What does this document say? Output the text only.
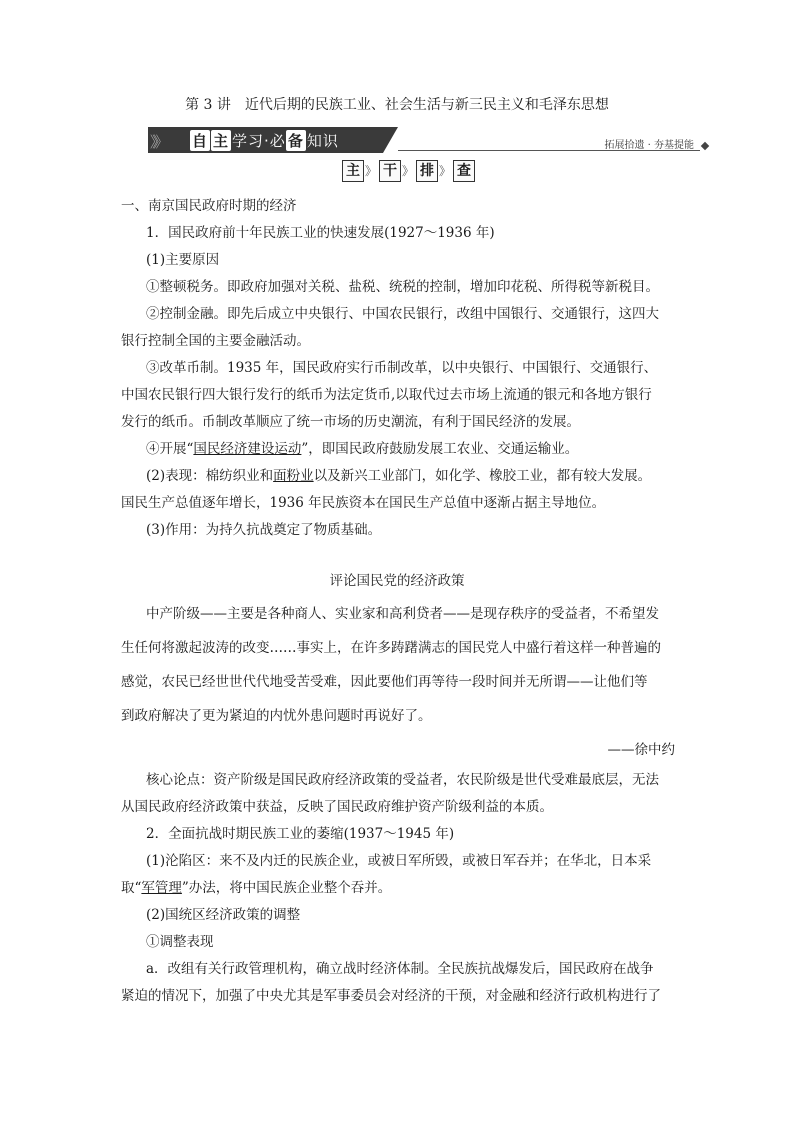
第 3 讲　近代后期的民族工业、社会生活与新三民主义和毛泽东思想
》》 自 主 学习·必 备 知识	拓展拾遗 · 夯基提能
主 》 干 》 排 》 查
一、南京国民政府时期的经济
1．国民政府前十年民族工业的快速发展(1927～1936 年)
(1)主要原因
①整顿税务。即政府加强对关税、盐税、统税的控制，增加印花税、所得税等新税目。
②控制金融。即先后成立中央银行、中国农民银行，改组中国银行、交通银行，这四大
银行控制全国的主要金融活动。
③改革币制。1935 年，国民政府实行币制改革，以中央银行、中国银行、交通银行、
中国农民银行四大银行发行的纸币为法定货币,以取代过去市场上流通的银元和各地方银行
发行的纸币。币制改革顺应了统一市场的历史潮流，有利于国民经济的发展。
④开展“国民经济建设运动”，即国民政府鼓励发展工农业、交通运输业。
(2)表现：棉纺织业和面粉业以及新兴工业部门，如化学、橡胶工业，都有较大发展。
国民生产总值逐年增长，1936 年民族资本在国民生产总值中逐渐占据主导地位。
(3)作用：为持久抗战奠定了物质基础。
评论国民党的经济政策
中产阶级——主要是各种商人、实业家和高利贷者——是现存秩序的受益者，不希望发
生任何将激起波涛的改变……事实上，在许多踌躇满志的国民党人中盛行着这样一种普遍的
感觉，农民已经世世代代地受苦受难，因此要他们再等待一段时间并无所谓——让他们等
到政府解决了更为紧迫的内忧外患问题时再说好了。
——徐中约
核心论点：资产阶级是国民政府经济政策的受益者，农民阶级是世代受难最底层，无法
从国民政府经济政策中获益，反映了国民政府维护资产阶级利益的本质。
2．全面抗战时期民族工业的萎缩(1937～1945 年)
(1)沦陷区：来不及内迁的民族企业，或被日军所毁，或被日军吞并；在华北，日本采
取“军管理”办法，将中国民族企业整个吞并。
(2)国统区经济政策的调整
①调整表现
a．改组有关行政管理机构，确立战时经济体制。全民族抗战爆发后，国民政府在战争
紧迫的情况下，加强了中央尤其是军事委员会对经济的干预，对金融和经济行政机构进行了
